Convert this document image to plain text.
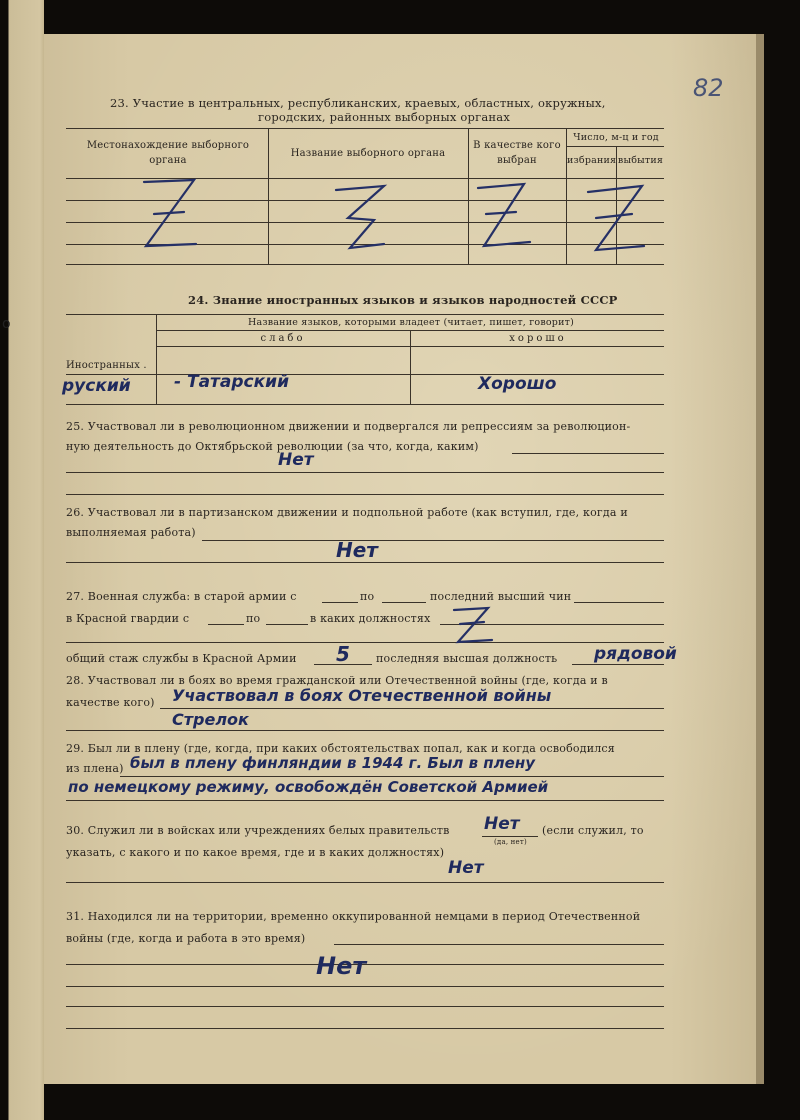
о
82
23. Участие в центральных, республиканских, краевых, областных, окружных,
городских, районных выборных органах
Местонахождение выборного
органа
Название выборного органа
В качестве кого
выбран
Число, м-ц и год
избрания выбытия
24. Знание иностранных языков и языков народностей СССР
Название языков, которыми владеет (читает, пишет, говорит)
слабо	хорошо
Иностранных .
руский	- Татарский	Хорошо
25. Участвовал ли в революционном движении и подвергался ли репрессиям за революцион-
ную деятельность до Октябрьской революции (за что, когда, каким)
Нет
26. Участвовал ли в партизанском движении и подпольной работе (как вступил, где, когда и
выполняемая работа)
Нет
27. Военная служба: в старой армии с	по	последний высший чин
в Красной гвардии с	по	в каких должностях
общий стаж службы в Красной Армии	последняя высшая должность
5	рядовой
28. Участвовал ли в боях во время гражданской или Отечественной войны (где, когда и в
качестве кого) Участвовал в боях Отечественной войны
Стрелок
29. Был ли в плену (где, когда, при каких обстоятельствах попал, как и когда освободился
из плена) был в плену финляндии в 1944 г. Был в плену
по немецкому режиму, освобождён Советской Армией
30. Служил ли в войсках или учреждениях белых правительств	(если служил, то
(да, нет)
указать, с какого и по какое время, где и в каких должностях)
Нет
Нет
31. Находился ли на территории, временно оккупированной немцами в период Отечественной
войны (где, когда и работа в это время)
Нет
